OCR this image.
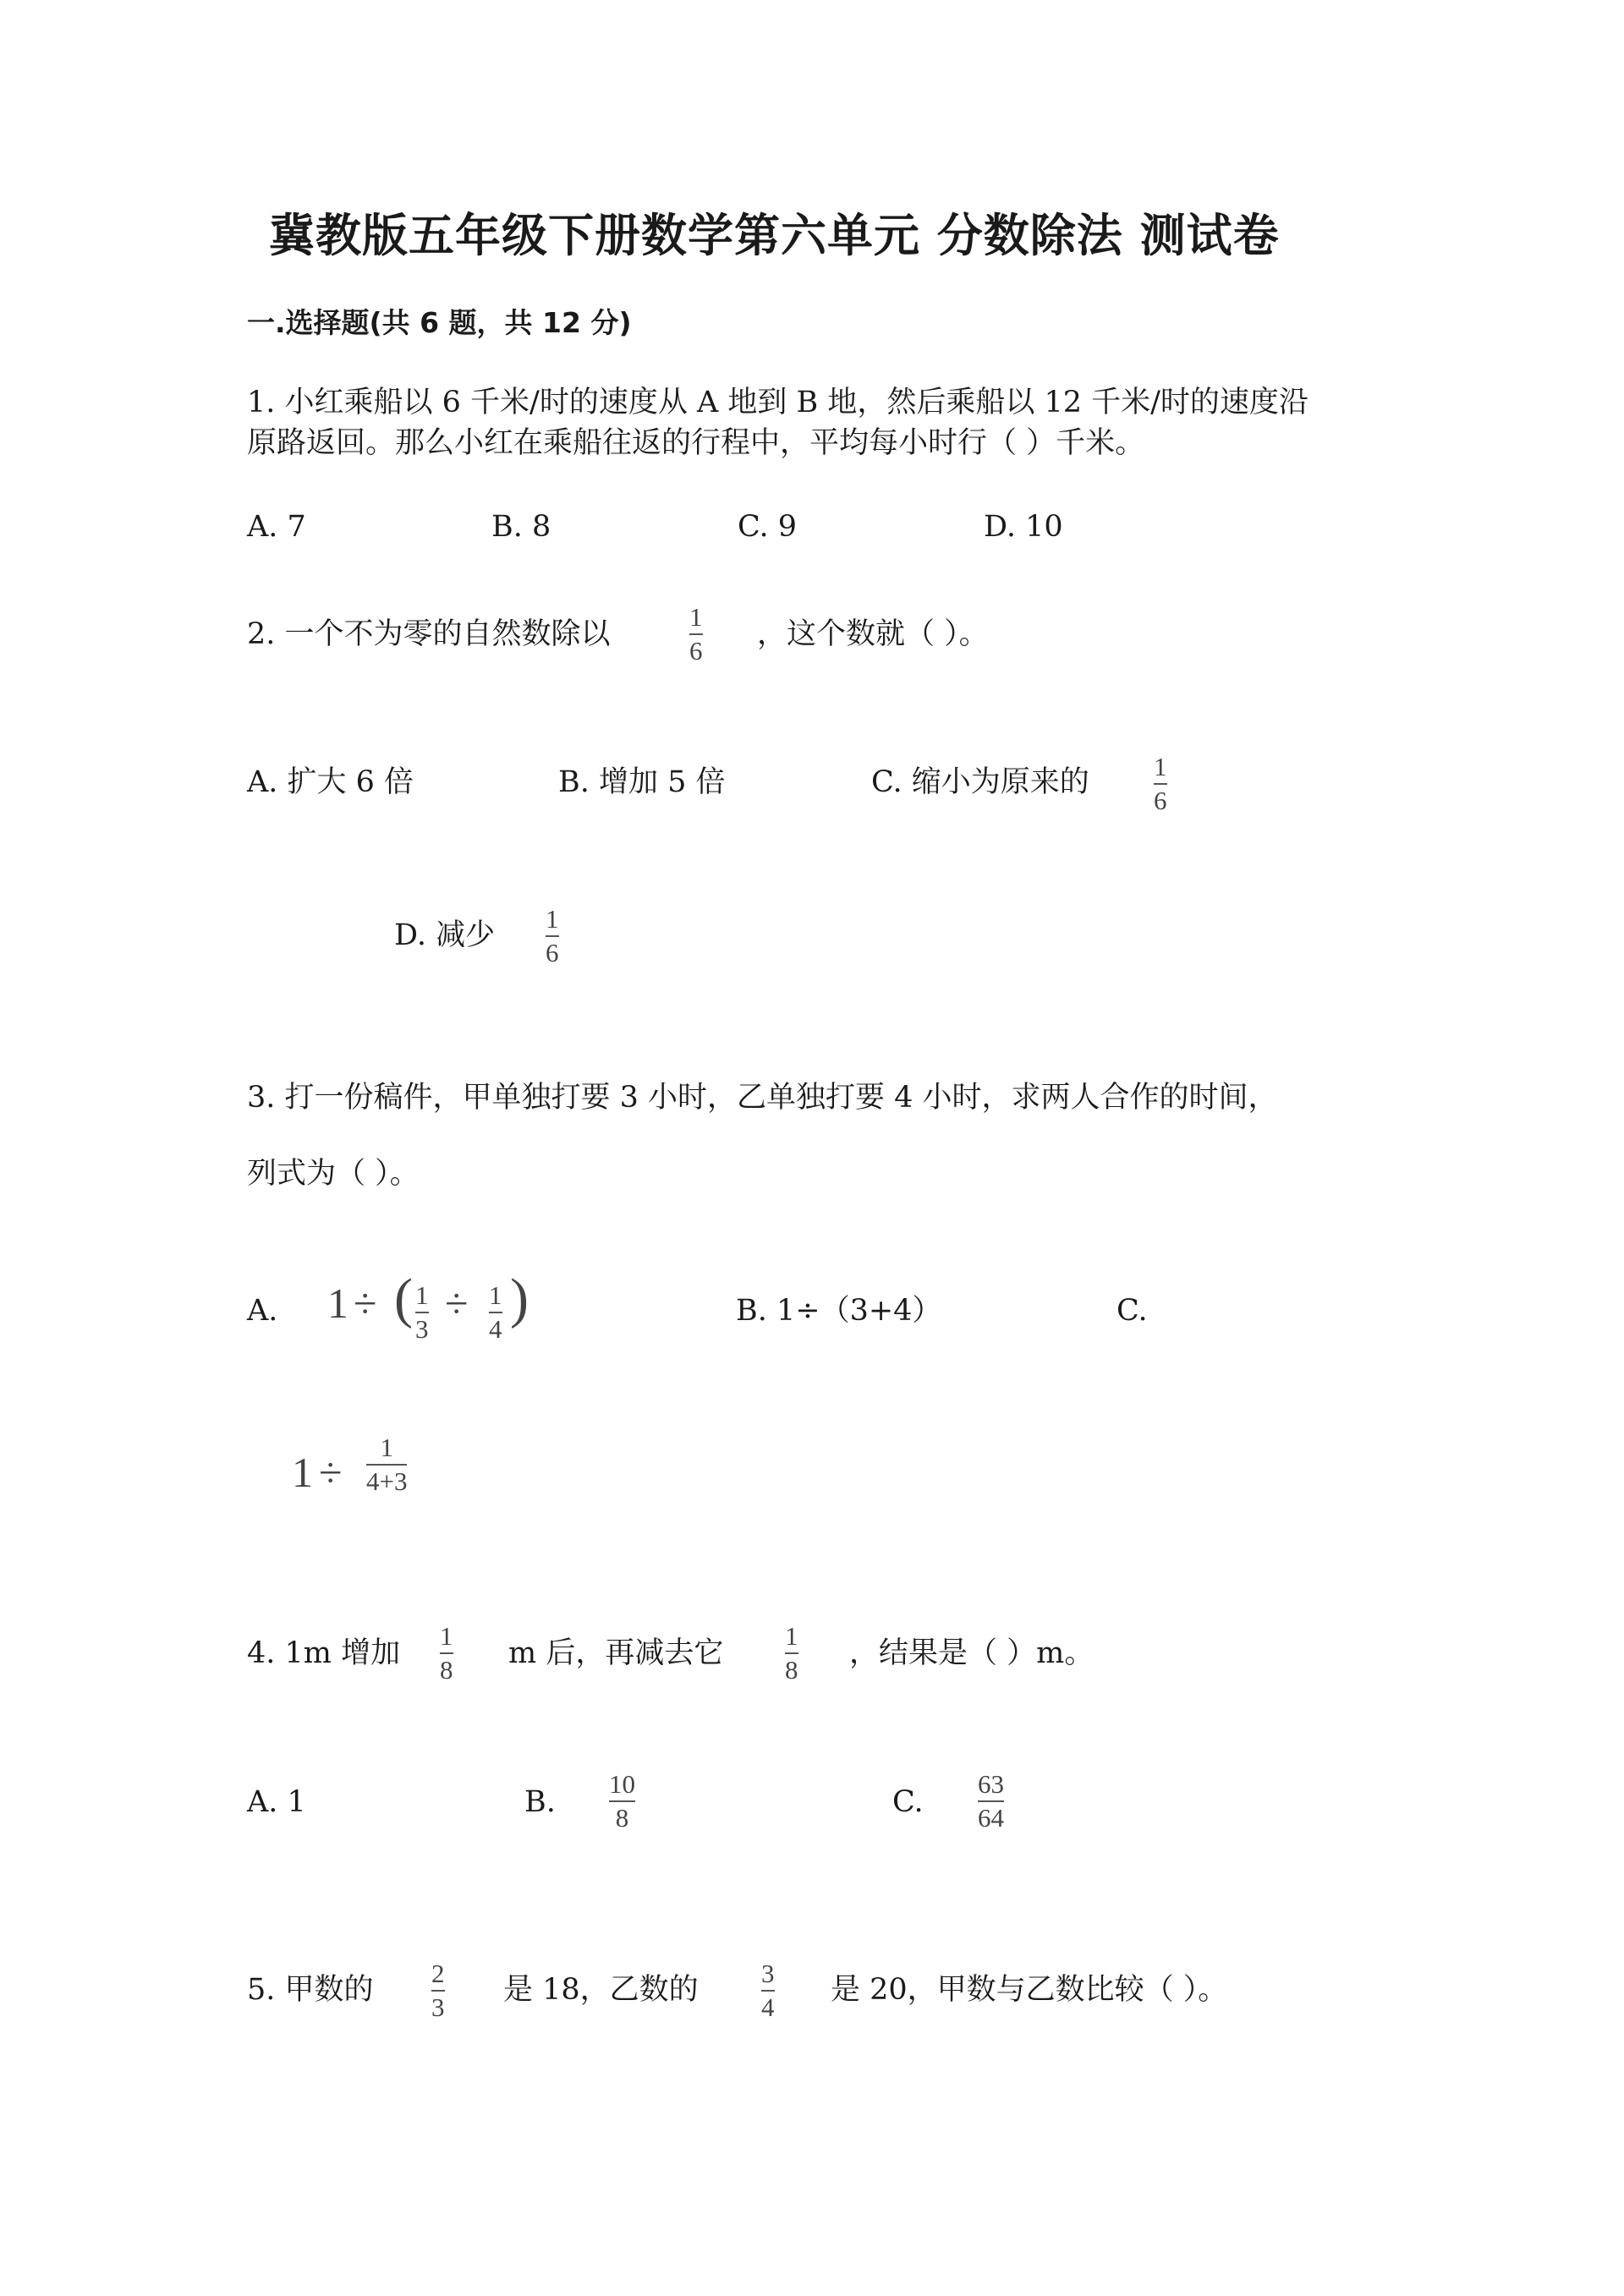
冀教版五年级下册数学第六单元 分数除法 测试卷
一.选择题(共 6 题，共 12 分)
1. 小红乘船以 6 千米/时的速度从 A 地到 B 地，然后乘船以 12 千米/时的速度沿
原路返回。那么小红在乘船往返的行程中，平均每小时行（ ）千米。
A. 7	B. 8	C. 9	D. 10
2. 一个不为零的自然数除以
1
6 ，这个数就（ ）。
A. 扩大 6 倍	B. 增加 5 倍	C. 缩小为原来的 1
6
D. 减少 1
6
3. 打一份稿件，甲单独打要 3 小时，乙单独打要 4 小时，求两人合作的时间，
列式为（ ）。
A. 1 ÷ ( 1
3
÷ 1
4 )	B. 1÷（3+4）	C.
1 ÷
1
4+3
4. 1m 增加
1
8 m 后，再减去它
1
8 ，结果是（ ）m。
A. 1	B.
10
8	C.
63
64
5. 甲数的 2
3
是 18，乙数的 3
4
是 20，甲数与乙数比较（ ）。
